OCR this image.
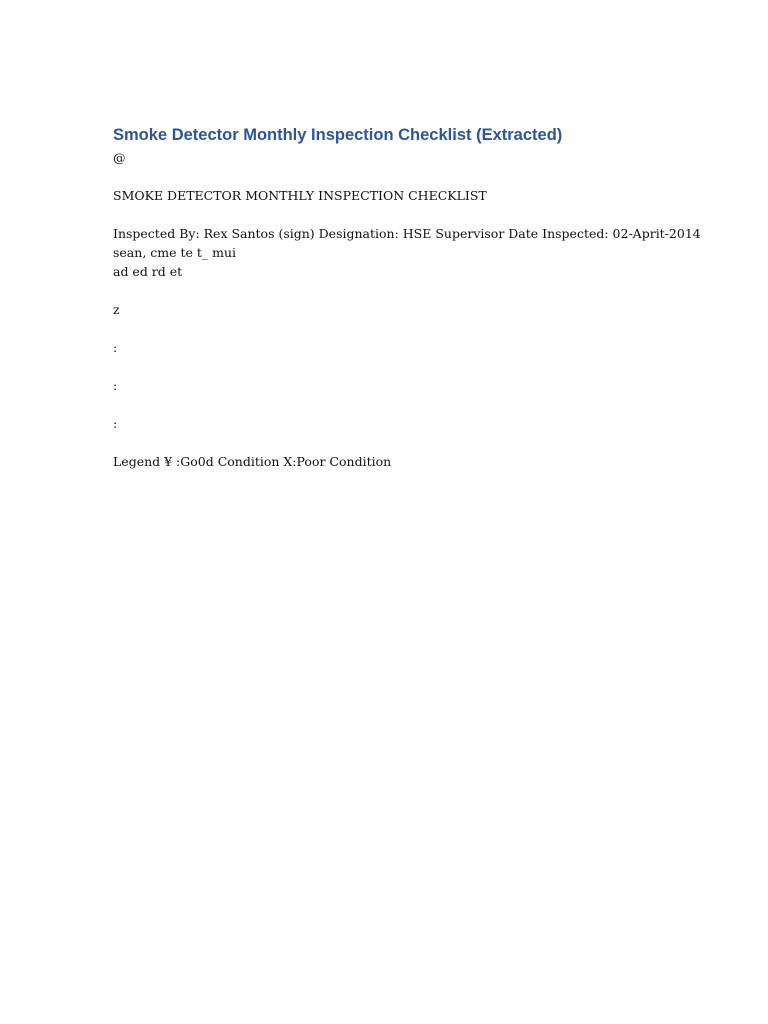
Smoke Detector Monthly Inspection Checklist (Extracted)

@

SMOKE DETECTOR MONTHLY INSPECTION CHECKLIST

Inspected By: Rex Santos (sign) Designation: HSE Supervisor Date Inspected: 02-Aprit-2014

sean, cme te t_ mui

ad ed rd et

z

:

:

:

Legend ¥ :Go0d Condition X:Poor Condition
